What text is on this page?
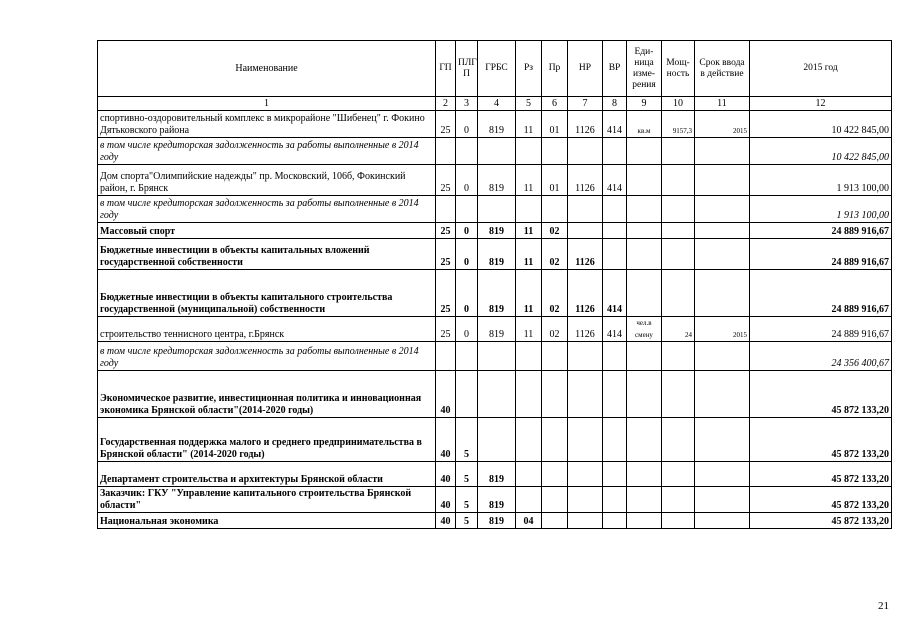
Наименование	ГП	ПЛГ П	ГРБС	Рз	Пр	НР	ВР	Еди- ница изме- рения	Мощ- ность	Срок ввода в действие	2015 год
1	2	3	4	5	6	7	8	9	10	11	12
спортивно-оздоровительный комплекс в микрорайоне "Шибенец" г. Фокино Дятьковского района	25	0	819	11	01	1126	414	кв.м	9157,3	2015	10 422 845,00
в том числе кредиторская задолженность за работы выполненные в 2014 году											10 422 845,00
Дом спорта"Олимпийские надежды" пр. Московский, 106б, Фокинский район, г. Брянск	25	0	819	11	01	1126	414				1 913 100,00
в том числе кредиторская задолженность за работы выполненные в 2014 году											1 913 100,00
Массовый спорт	25	0	819	11	02						24 889 916,67
Бюджетные инвестиции в объекты капитальных вложений государственной собственности	25	0	819	11	02	1126					24 889 916,67
Бюджетные инвестиции в объекты капитального строительства государственной (муниципальной) собственности	25	0	819	11	02	1126	414				24 889 916,67
строительство теннисного центра, г.Брянск	25	0	819	11	02	1126	414	чел.в смену	24	2015	24 889 916,67
в том числе кредиторская задолженность за работы выполненные в 2014 году											24 356 400,67
Экономическое развитие, инвестиционная политика и инновационная экономика Брянской области"(2014-2020 годы)	40										45 872 133,20
Государственная поддержка малого и среднего предпринимательства в Брянской области" (2014-2020 годы)	40	5									45 872 133,20
Департамент строительства и архитектуры Брянской области	40	5	819								45 872 133,20
Заказчик: ГКУ "Управление капитального строительства Брянской области"	40	5	819								45 872 133,20
Национальная экономика	40	5	819	04							45 872 133,20
21
